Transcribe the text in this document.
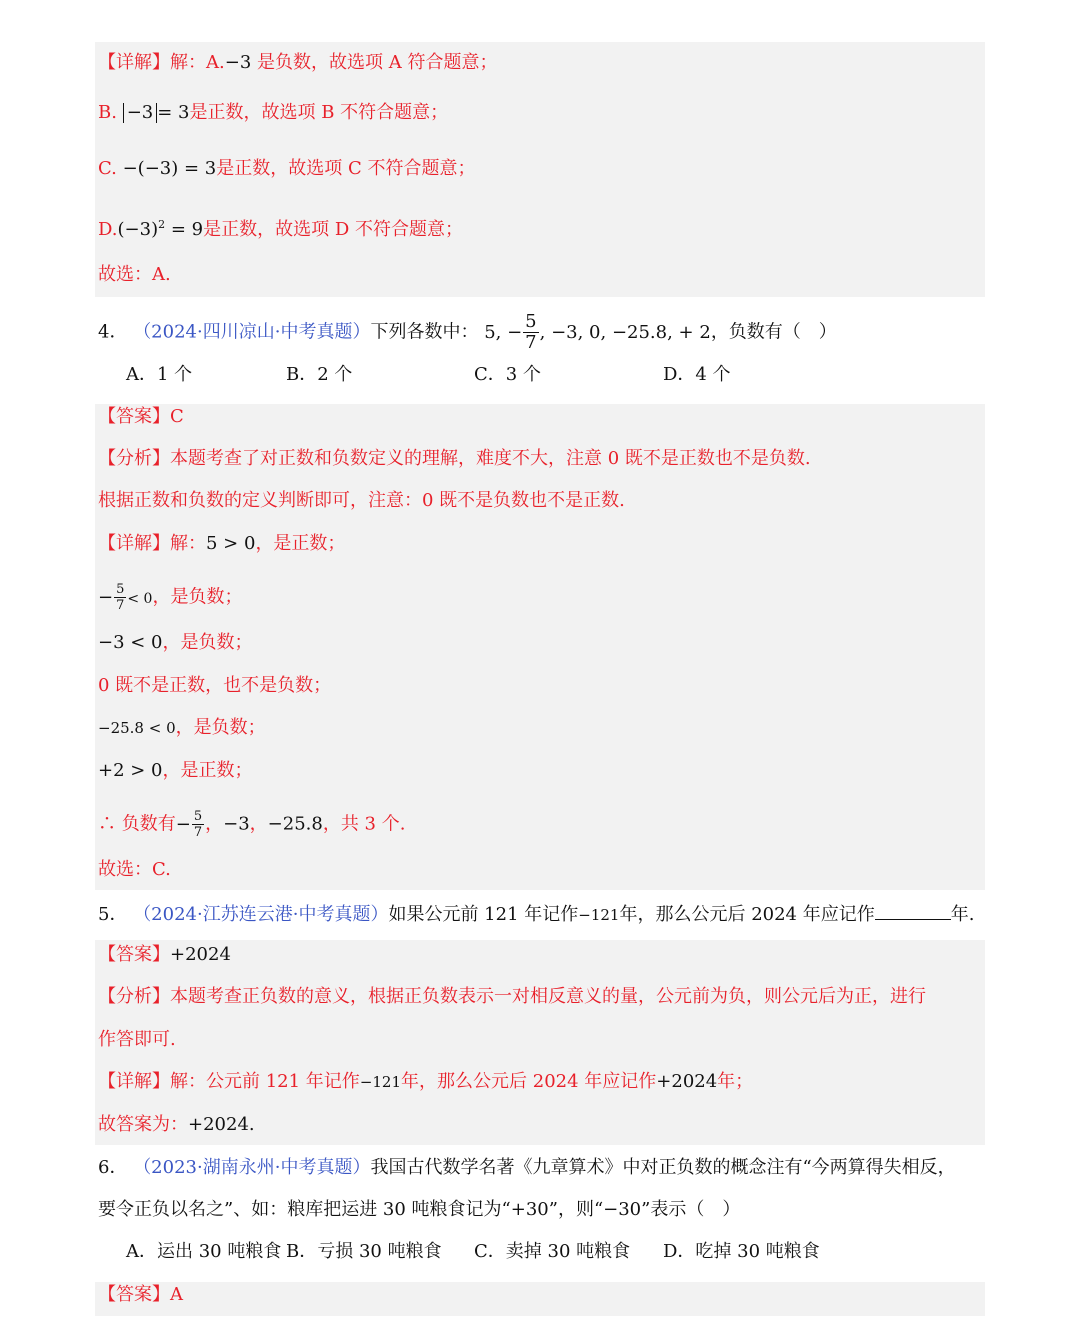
【详解】解：A.−3 是负数，故选项 A 符合题意；
B. −3 = 3是正数，故选项 B 不符合题意；
C. −(−3) = 3是正数，故选项 C 不符合题意；
$D.(-3)^2 = 9$是正数，故选项 D 不符合题意；
故选：A.
4． （2024·四川凉山·中考真题）下列各数中： 5, − $\frac{5}{7}$ , −3, 0, −25.8, + 2，负数有（　）
A．1 个	B．2 个	C．3 个	D．4 个
【答案】C
【分析】本题考查了对正数和负数定义的理解，难度不大，注意 0 既不是正数也不是负数.
根据正数和负数的定义判断即可，注意：0 既不是负数也不是正数.
【详解】解：5 > 0，是正数；
− $\frac{5}{7} < 0$，是负数；
−3 < 0，是负数；
0 既不是正数，也不是负数；
−25.8 < 0，是负数；
+2 > 0，是正数；
∴ 负数有− $\frac{5}{7}$ ，−3，−25.8，共 3 个.
故选：C.
5． （2024·江苏连云港·中考真题）如果公元前 121 年记作−121年，那么公元后 2024 年应记作	年.
【答案】+2024
【分析】本题考查正负数的意义，根据正负数表示一对相反意义的量，公元前为负，则公元后为正，进行
作答即可.
【详解】解：公元前 121 年记作−121年，那么公元后 2024 年应记作+2024年；
故答案为：+2024.
6． （2023·湖南永州·中考真题）我国古代数学名著《九章算术》中对正负数的概念注有“今两算得失相反，
要令正负以名之”、如：粮库把运进 30 吨粮食记为“+30”，则“−30”表示（　）
A．运出 30 吨粮食 B．亏损 30 吨粮食 C．卖掉 30 吨粮食 D．吃掉 30 吨粮食
【答案】A
